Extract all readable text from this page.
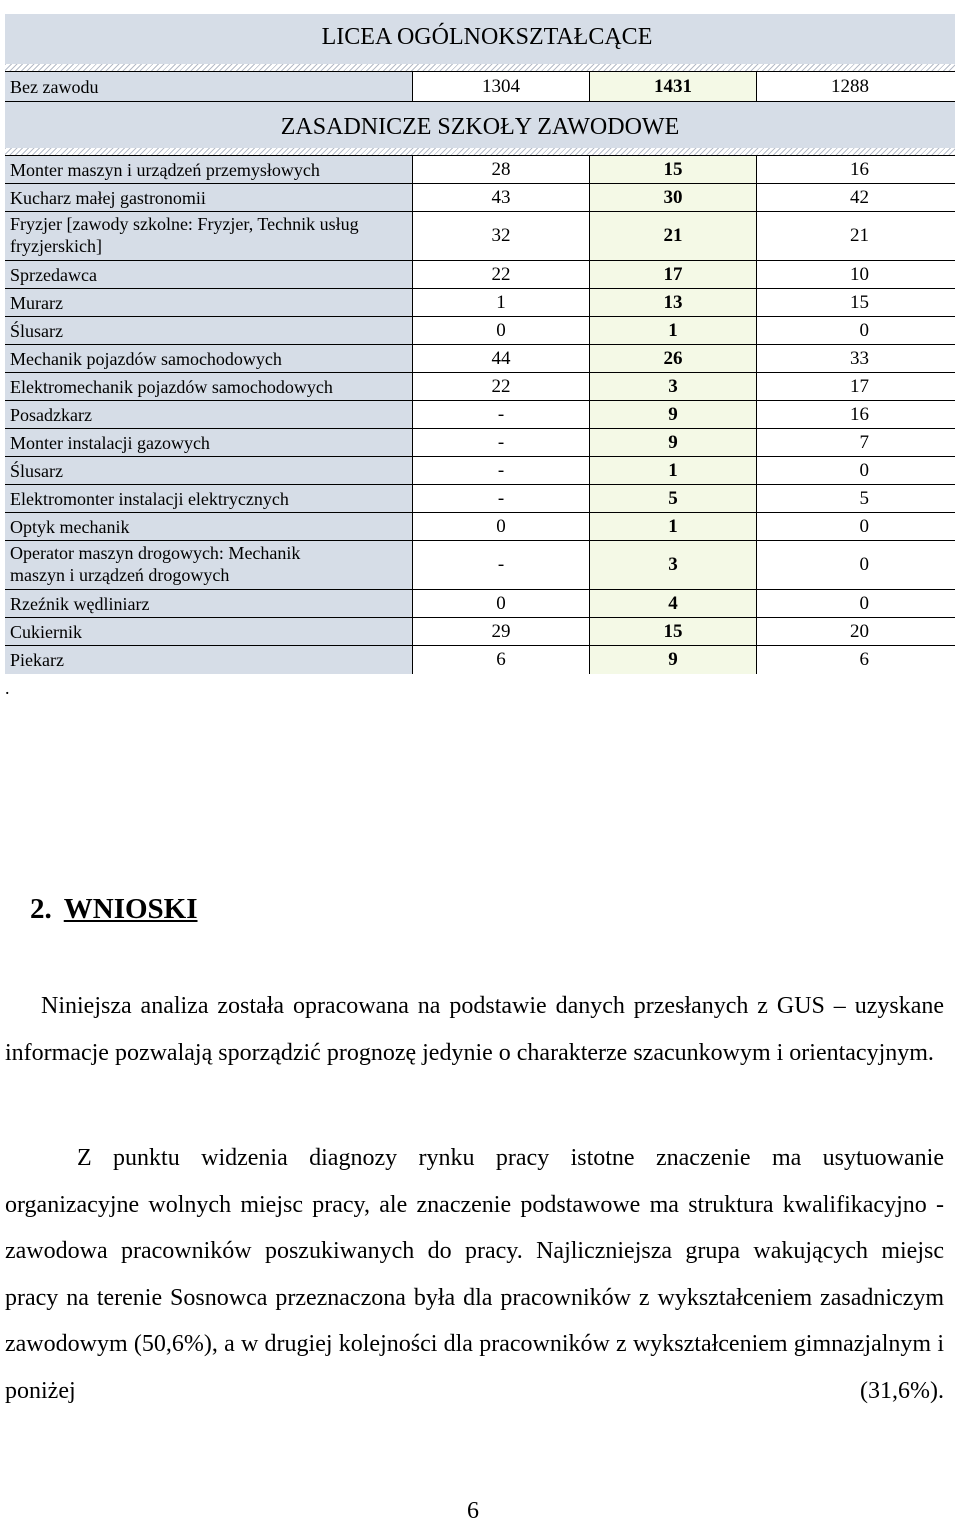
LICEA OGÓLNOKSZTAŁCĄCE
Bez zawodu	1304	1431	1288
ZASADNICZE SZKOŁY ZAWODOWE
Monter maszyn i urządzeń przemysłowych	28	15	16
Kucharz małej gastronomii	43	30	42
Fryzjer [zawody szkolne: Fryzjer, Technik usług fryzjerskich]	32	21	21
Sprzedawca	22	17	10
Murarz	1	13	15
Ślusarz	0	1	0
Mechanik pojazdów samochodowych	44	26	33
Elektromechanik pojazdów samochodowych	22	3	17
Posadzkarz	-	9	16
Monter instalacji gazowych	-	9	7
Ślusarz	-	1	0
Elektromonter instalacji elektrycznych	-	5	5
Optyk mechanik	0	1	0
Operator maszyn drogowych: Mechanik maszyn i urządzeń drogowych	-	3	0
Rzeźnik wędliniarz	0	4	0
Cukiernik	29	15	20
Piekarz	6	9	6
.
2. WNIOSKI

Niniejsza analiza została opracowana na podstawie danych przesłanych z GUS – uzyskane informacje pozwalają sporządzić prognozę jedynie o charakterze szacunkowym i orientacyjnym.

Z punktu widzenia diagnozy rynku pracy istotne znaczenie ma usytuowanie organizacyjne wolnych miejsc pracy, ale znaczenie podstawowe ma struktura kwalifikacyjno - zawodowa pracowników poszukiwanych do pracy. Najliczniejsza grupa wakujących miejsc pracy na terenie Sosnowca przeznaczona była dla pracowników z wykształceniem zasadniczym zawodowym (50,6%), a w drugiej kolejności dla pracowników z wykształceniem gimnazjalnym i poniżej (31,6%).

6
